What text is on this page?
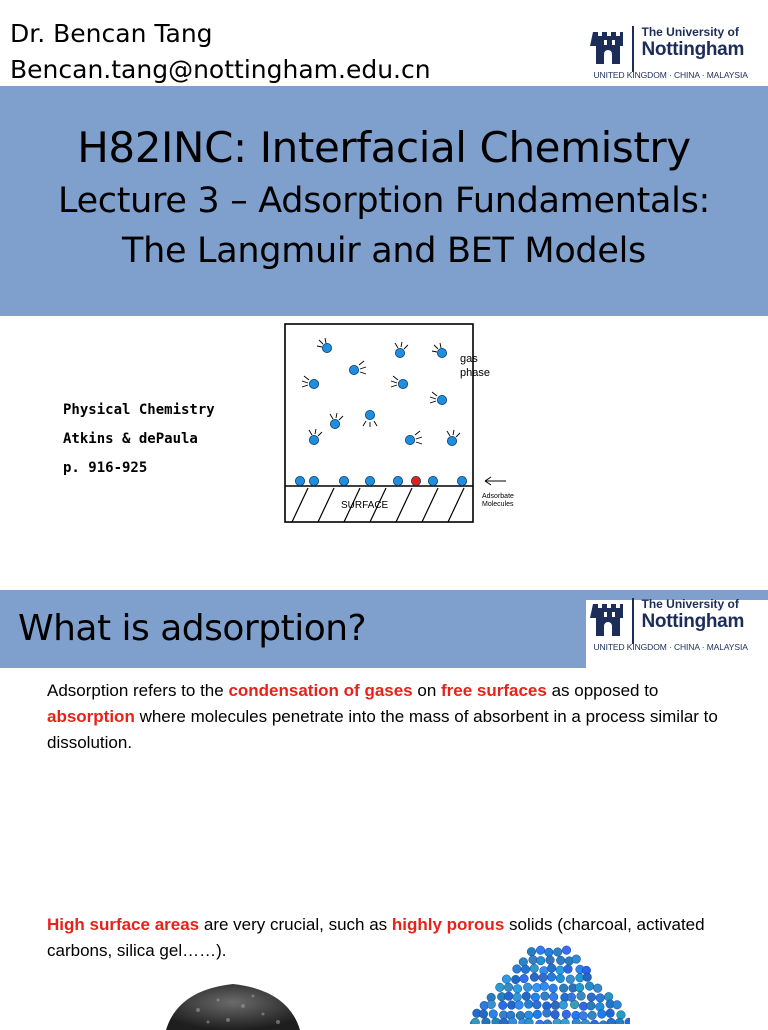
Dr. Bencan Tang
Bencan.tang@nottingham.edu.cn
The University of
Nottingham
UNITED KINGDOM · CHINA · MALAYSIA
H82INC: Interfacial Chemistry
Lecture 3 – Adsorption Fundamentals:
The Langmuir and BET Models
Physical Chemistry
Atkins & dePaula
p. 916-925
SURFACE
gas
phase
Adsorbate
Molecules
What is adsorption?
The University of
Nottingham
UNITED KINGDOM · CHINA · MALAYSIA
Adsorption refers to the condensation of gases on free surfaces as opposed to absorption where molecules penetrate into the mass of absorbent in a process similar to dissolution.
High surface areas are very crucial, such as highly porous solids (charcoal, activated carbons, silica gel……).
